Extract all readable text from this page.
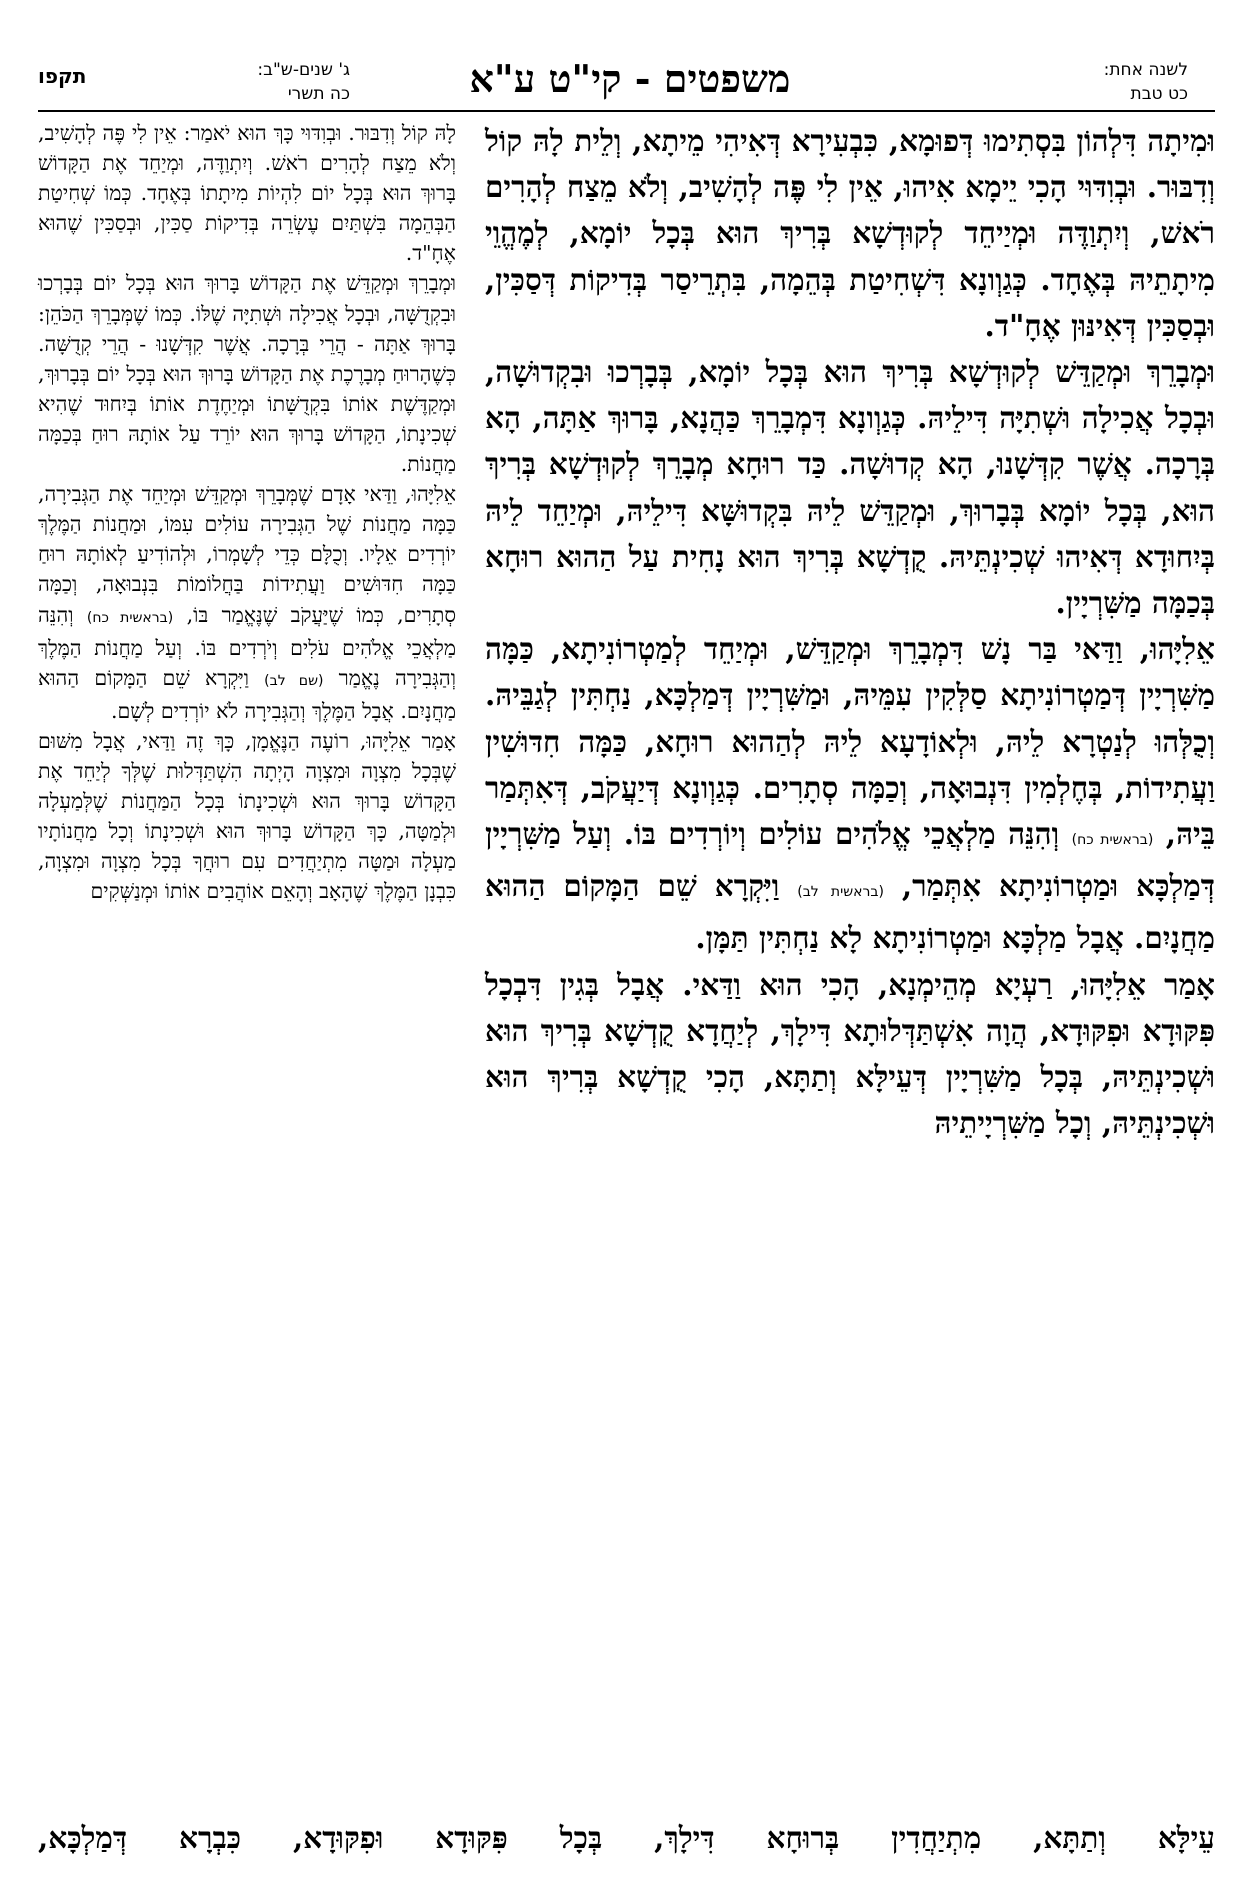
לשנה אחת:
כט טבת
משפטים - קי"ט ע"א
ג' שנים-ש"ב:
כה תשרי
תקפו

וּמִיתָה דִּלְהוֹן בִּסְתִימוּ דְּפוּמָא, כִּבְעִירָא דְּאִיהִי מֵיתָא, וְלֵית לָהּ קוֹל וְדִבּוּר. וּבְוִדּוּי הָכִי יֵימָא אִיהוּ, אֵין לִי פֶּה לְהָשִׁיב, וְלֹא מֵצַח לְהָרִים רֹאשׁ, וְיִתְוַדֶּה וּמְיַיחֵד לְקוּדְשָׁא בְּרִיךְ הוּא בְּכָל יוֹמָא, לְמֶהֱוֵי מִיתָתֵיהּ בְּאֶחָד. כְּגַוְונָא דִּשְׁחִיטַת בְּהֵמָה, בִּתְרֵיסַר בְּדִיקוֹת דְּסַכִּין, וּבְסַכִּין דְּאִינּוּן אֶחָ"ד.

וּמְבָרֵךְ וּמְקַדֵּשׁ לְקוּדְשָׁא בְּרִיךְ הוּא בְּכָל יוֹמָא, בְּבָרְכוּ וּבִקְדוּשָׁה, וּבְכָל אֲכִילָה וּשְׁתִיָּה דִּילֵיהּ. כְּגַוְונָא דִּמְבָרֵךְ כַּהֲנָא, בָּרוּךְ אַתָּה, הָא בְּרָכָה. אֲשֶׁר קִדְּשָׁנוּ, הָא קְדוּשָׁה. כַּד רוּחָא מְבָרֵךְ לְקוּדְשָׁא בְּרִיךְ הוּא, בְּכָל יוֹמָא בְּבָרוּךְ, וּמְקַדֵּשׁ לֵיהּ בִּקְדוּשָּׁא דִּילֵיהּ, וּמְיַחֵד לֵיהּ בְּיִחוּדָא דְּאִיהוּ שְׁכִינְתֵּיהּ. קֻדְשָׁא בְּרִיךְ הוּא נָחִית עַל הַהוּא רוּחָא בְּכַמָּה מַשִּׁרְיָין.

אֵלִיָּהוּ, וַדַּאי בַּר נָשׁ דִּמְבָרֵךְ וּמְקַדֵּשׁ, וּמְיַחֵד לְמַטְרוֹנִיתָא, כַּמָּה מַשִּׁרְיָין דְּמַטְרוֹנִיתָא סַלְּקִין עִמֵּיהּ, וּמַשִּׁרְיָין דְּמַלְכָּא, נַחְתִּין לְגַבֵּיהּ. וְכֻלְּהוּ לְנַטְרָא לֵיהּ, וּלְאוֹדָעָא לֵיהּ לְהַהוּא רוּחָא, כַּמָּה חִדּוּשִׁין וַעֲתִידוֹת, בְּחֶלְמִין דִּנְבוּאָה, וְכַמָּה סְתָרִים. כְּגַוְונָא דְּיַעֲקֹב, דְּאִתְּמַר בֵּיהּ, (בראשית כח) וְהִנֵּה מַלְאֲכֵי אֱלֹהִים עוֹלִים וְיוֹרְדִים בּוֹ. וְעַל מַשִּׁרְיָין דְּמַלְכָּא וּמַטְרוֹנִיתָא אִתְּמַר, (בראשית לב) וַיִּקְרָא שֵׁם הַמָּקוֹם הַהוּא מַחֲנָיִם. אֲבָל מַלְכָּא וּמַטְרוֹנִיתָא לָא נַחְתִּין תַּמָּן.

אָמַר אֵלִיָּהוּ, רַעְיָא מְהֵימְנָא, הָכִי הוּא וַדַּאי. אֲבָל בְּגִין דִּבְכָל פִּקּוּדָא וּפִקּוּדָא, הֲוָה אִשְׁתַּדְּלוּתָא דִּילָךְ, לְיַחֲדָא קֻדְשָׁא בְּרִיךְ הוּא וּשְׁכִינְתֵּיהּ, בְּכָל מַשִּׁרְיָין דְּעֵילָּא וְתַתָּא, הָכִי קֻדְשָׁא בְּרִיךְ הוּא וּשְׁכִינְתֵּיהּ, וְכָל מַשִּׁרְיָיתֵיהּ

לָהּ קוֹל וְדִבּוּר. וּבְוִדּוּי כָּךְ הוּא יֹאמַר: אֵין לִי פֶּה לְהָשִׁיב, וְלֹא מֵצַח לְהָרִים רֹאשׁ. וְיִתְוַדֶּה, וּמְיַחֵד אֶת הַקָּדוֹשׁ בָּרוּךְ הוּא בְּכָל יוֹם לִהְיוֹת מִיתָתוֹ בְּאֶחָד. כְּמוֹ שְׁחִיטַת הַבְּהֵמָה בִּשְׁתַּיִם עֶשְׂרֵה בְּדִיקוֹת סַכִּין, וּבְסַכִּין שֶׁהוּא אֶחָ"ד.

וּמְבָרֵךְ וּמְקַדֵּשׁ אֶת הַקָּדוֹשׁ בָּרוּךְ הוּא בְּכָל יוֹם בְּבָרְכוּ וּבִקְדֻשָּׁה, וּבְכָל אֲכִילָה וּשְׁתִיָּה שֶׁלּוֹ. כְּמוֹ שֶׁמְּבָרֵךְ הַכֹּהֵן: בָּרוּךְ אַתָּה - הֲרֵי בְּרָכָה. אֲשֶׁר קִדְּשָׁנוּ - הֲרֵי קְדֻשָּׁה. כְּשֶׁהָרוּחַ מְבָרֶכֶת אֶת הַקָּדוֹשׁ בָּרוּךְ הוּא בְּכָל יוֹם בְּבָרוּךְ, וּמְקַדֶּשֶׁת אוֹתוֹ בִּקְדֻשָּׁתוֹ וּמְיַחֶדֶת אוֹתוֹ בְּיִחוּד שֶׁהִיא שְׁכִינָתוֹ, הַקָּדוֹשׁ בָּרוּךְ הוּא יוֹרֵד עַל אוֹתָהּ רוּחַ בְּכַמָּה מַחֲנוֹת.

אֵלִיָּהוּ, וַדַּאי אָדָם שֶׁמְּבָרֵךְ וּמְקַדֵּשׁ וּמְיַחֵד אֶת הַגְּבִירָה, כַּמָּה מַחֲנוֹת שֶׁל הַגְּבִירָה עוֹלִים עִמּוֹ, וּמַחֲנוֹת הַמֶּלֶךְ יוֹרְדִים אֵלָיו. וְכֻלָּם כְּדֵי לְשָׁמְרוֹ, וּלְהוֹדִיעַ לְאוֹתָהּ רוּחַ כַּמָּה חִדּוּשִׁים וַעֲתִידוֹת בַּחֲלוֹמוֹת בִּנְבוּאָה, וְכַמָּה סְתָרִים, כְּמוֹ שֶׁיַּעֲקֹב שֶׁנֶּאֱמַר בּוֹ, (בראשית כח) וְהִנֵּה מַלְאֲכֵי אֱלֹהִים עֹלִים וְיֹרְדִים בּוֹ. וְעַל מַחֲנוֹת הַמֶּלֶךְ וְהַגְּבִירָה נֶאֱמַר (שם לב) וַיִּקְרָא שֵׁם הַמָּקוֹם הַהוּא מַחֲנָיִם. אֲבָל הַמֶּלֶךְ וְהַגְּבִירָה לֹא יוֹרְדִים לְשָׁם.

אָמַר אֵלִיָּהוּ, רוֹעֶה הַנֶּאֱמָן, כָּךְ זֶה וַדַּאי, אֲבָל מִשּׁוּם שֶׁבְּכָל מִצְוָה וּמִצְוָה הָיְתָה הִשְׁתַּדְּלוּת שֶׁלְּךָ לְיַחֵד אֶת הַקָּדוֹשׁ בָּרוּךְ הוּא וּשְׁכִינָתוֹ בְּכָל הַמַּחֲנוֹת שֶׁלְּמַעְלָה וּלְמַטָּה, כָּךְ הַקָּדוֹשׁ בָּרוּךְ הוּא וּשְׁכִינָתוֹ וְכָל מַחֲנוֹתָיו מַעְלָה וּמַטָּה מִתְיַחֲדִים עִם רוּחֲךָ בְּכָל מִצְוָה וּמִצְוָה, כִּבְנָן הַמֶּלֶךְ שֶׁהָאָב וְהָאֵם אוֹהֲבִים אוֹתוֹ וּמְנַשְּׁקִים

עֵילָּא וְתַתָּא, מִתְיַחֲדִין בְּרוּחָא דִּילָךְ, בְּכָל פִּקּוּדָא וּפִקּוּדָא, כִּבְרָא דְּמַלְכָּא,
